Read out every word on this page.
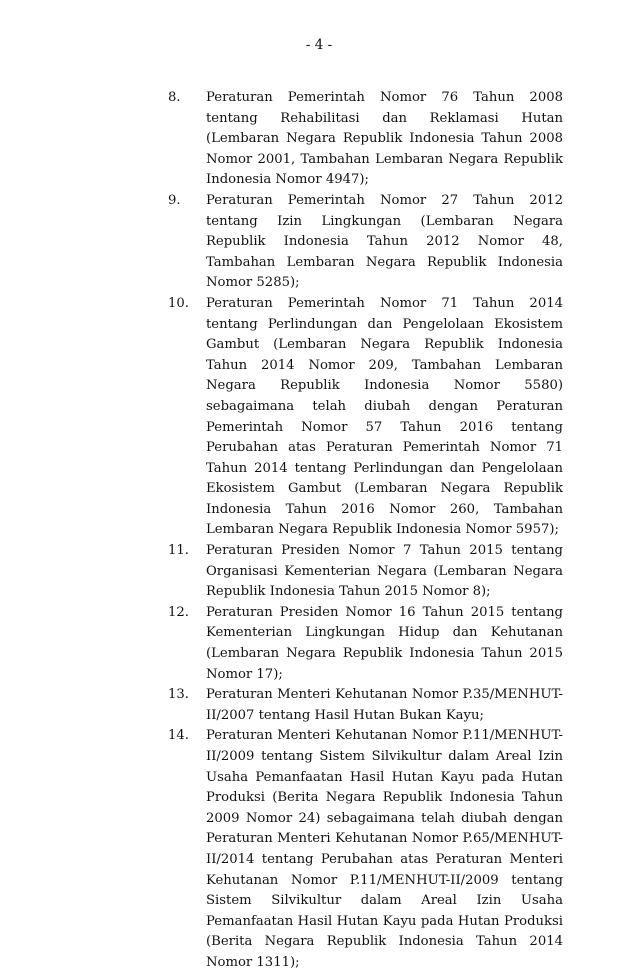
- 4 -
8. Peraturan Pemerintah Nomor 76 Tahun 2008 tentang Rehabilitasi dan Reklamasi Hutan (Lembaran Negara Republik Indonesia Tahun 2008 Nomor 2001, Tambahan Lembaran Negara Republik Indonesia Nomor 4947);
9. Peraturan Pemerintah Nomor 27 Tahun 2012 tentang Izin Lingkungan (Lembaran Negara Republik Indonesia Tahun 2012 Nomor 48, Tambahan Lembaran Negara Republik Indonesia Nomor 5285);
10. Peraturan Pemerintah Nomor 71 Tahun 2014 tentang Perlindungan dan Pengelolaan Ekosistem Gambut (Lembaran Negara Republik Indonesia Tahun 2014 Nomor 209, Tambahan Lembaran Negara Republik Indonesia Nomor 5580) sebagaimana telah diubah dengan Peraturan Pemerintah Nomor 57 Tahun 2016 tentang Perubahan atas Peraturan Pemerintah Nomor 71 Tahun 2014 tentang Perlindungan dan Pengelolaan Ekosistem Gambut (Lembaran Negara Republik Indonesia Tahun 2016 Nomor 260, Tambahan Lembaran Negara Republik Indonesia Nomor 5957);
11. Peraturan Presiden Nomor 7 Tahun 2015 tentang Organisasi Kementerian Negara (Lembaran Negara Republik Indonesia Tahun 2015 Nomor 8);
12. Peraturan Presiden Nomor 16 Tahun 2015 tentang Kementerian Lingkungan Hidup dan Kehutanan (Lembaran Negara Republik Indonesia Tahun 2015 Nomor 17);
13. Peraturan Menteri Kehutanan Nomor P.35/MENHUT-II/2007 tentang Hasil Hutan Bukan Kayu;
14. Peraturan Menteri Kehutanan Nomor P.11/MENHUT-II/2009 tentang Sistem Silvikultur dalam Areal Izin Usaha Pemanfaatan Hasil Hutan Kayu pada Hutan Produksi (Berita Negara Republik Indonesia Tahun 2009 Nomor 24) sebagaimana telah diubah dengan Peraturan Menteri Kehutanan Nomor P.65/MENHUT-II/2014 tentang Perubahan atas Peraturan Menteri Kehutanan Nomor P.11/MENHUT-II/2009 tentang Sistem Silvikultur dalam Areal Izin Usaha Pemanfaatan Hasil Hutan Kayu pada Hutan Produksi (Berita Negara Republik Indonesia Tahun 2014 Nomor 1311);
